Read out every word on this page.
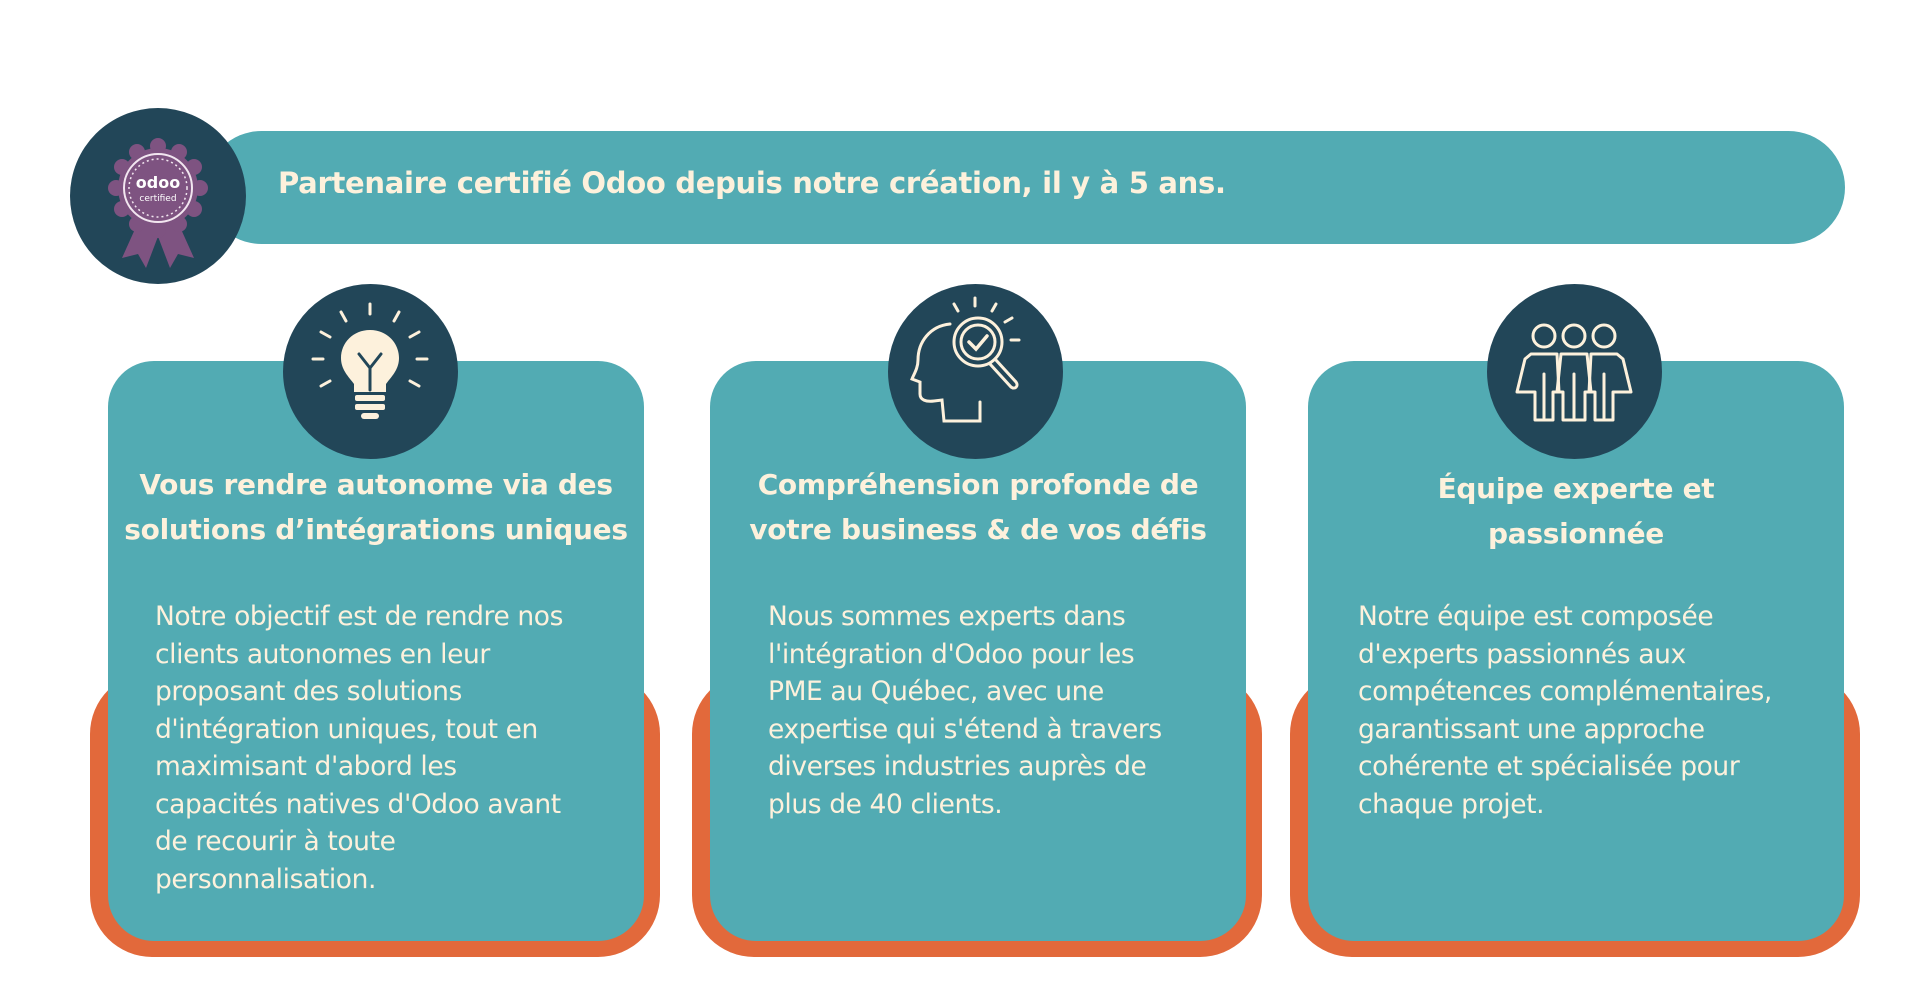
Partenaire certifié Odoo depuis notre création, il y à 5 ans.
odoo
certified
Vous rendre autonome via des
solutions d’intégrations uniques
Notre objectif est de rendre nos
clients autonomes en leur
proposant des solutions
d'intégration uniques, tout en
maximisant d'abord les
capacités natives d'Odoo avant
de recourir à toute
personnalisation.
Compréhension profonde de
votre business & de vos défis
Nous sommes experts dans
l'intégration d'Odoo pour les
PME au Québec, avec une
expertise qui s'étend à travers
diverses industries auprès de
plus de 40 clients.
Équipe experte et
passionnée
Notre équipe est composée
d'experts passionnés aux
compétences complémentaires,
garantissant une approche
cohérente et spécialisée pour
chaque projet.
